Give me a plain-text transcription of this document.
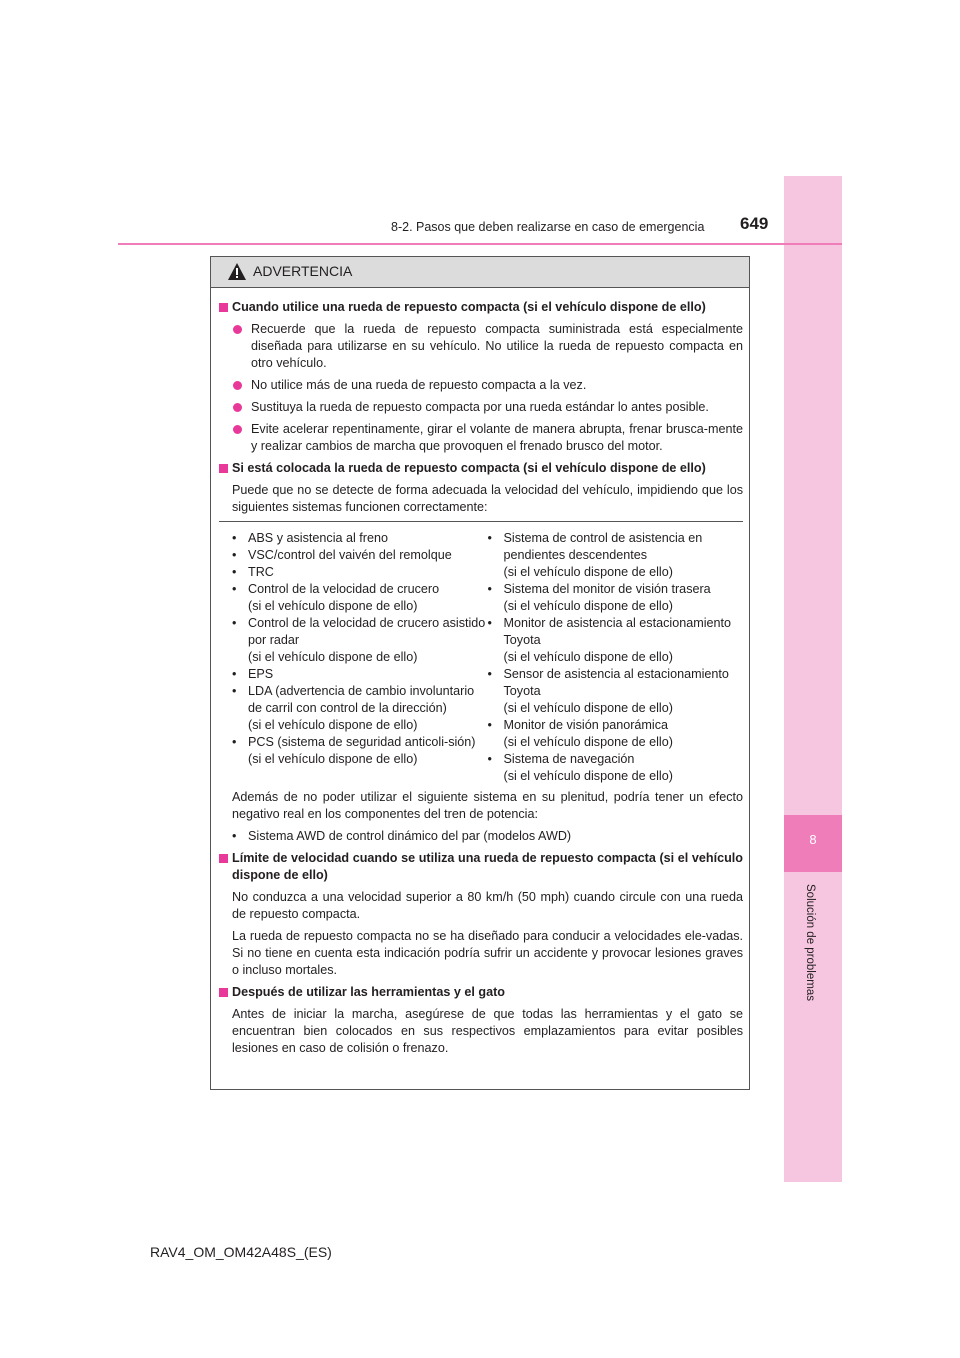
8
Solución de problemas
8-2. Pasos que deben realizarse en caso de emergencia 649
ADVERTENCIA
Cuando utilice una rueda de repuesto compacta (si el vehículo dispone de ello)
Recuerde que la rueda de repuesto compacta suministrada está especialmente diseñada para utilizarse en su vehículo. No utilice la rueda de repuesto compacta en otro vehículo.
No utilice más de una rueda de repuesto compacta a la vez.
Sustituya la rueda de repuesto compacta por una rueda estándar lo antes posible.
Evite acelerar repentinamente, girar el volante de manera abrupta, frenar brusca-mente y realizar cambios de marcha que provoquen el frenado brusco del motor.
Si está colocada la rueda de repuesto compacta (si el vehículo dispone de ello)
Puede que no se detecte de forma adecuada la velocidad del vehículo, impidiendo que los siguientes sistemas funcionen correctamente:
• ABS y asistencia al freno
• VSC/control del vaivén del remolque
• TRC
• Control de la velocidad de crucero
(si el vehículo dispone de ello)
• Control de la velocidad de crucero asistido por radar
(si el vehículo dispone de ello)
• EPS
• LDA (advertencia de cambio involuntario de carril con control de la dirección)
(si el vehículo dispone de ello)
• PCS (sistema de seguridad anticoli-sión) (si el vehículo dispone de ello)
• Sistema de control de asistencia en pendientes descendentes
(si el vehículo dispone de ello)
• Sistema del monitor de visión trasera
(si el vehículo dispone de ello)
• Monitor de asistencia al estacionamiento Toyota
(si el vehículo dispone de ello)
• Sensor de asistencia al estacionamiento Toyota
(si el vehículo dispone de ello)
• Monitor de visión panorámica
(si el vehículo dispone de ello)
• Sistema de navegación
(si el vehículo dispone de ello)
Además de no poder utilizar el siguiente sistema en su plenitud, podría tener un efecto negativo real en los componentes del tren de potencia:
• Sistema AWD de control dinámico del par (modelos AWD)
Límite de velocidad cuando se utiliza una rueda de repuesto compacta (si el vehículo dispone de ello)
No conduzca a una velocidad superior a 80 km/h (50 mph) cuando circule con una rueda de repuesto compacta.
La rueda de repuesto compacta no se ha diseñado para conducir a velocidades ele-vadas. Si no tiene en cuenta esta indicación podría sufrir un accidente y provocar lesiones graves o incluso mortales.
Después de utilizar las herramientas y el gato
Antes de iniciar la marcha, asegúrese de que todas las herramientas y el gato se encuentran bien colocados en sus respectivos emplazamientos para evitar posibles lesiones en caso de colisión o frenazo.
RAV4_OM_OM42A48S_(ES)
